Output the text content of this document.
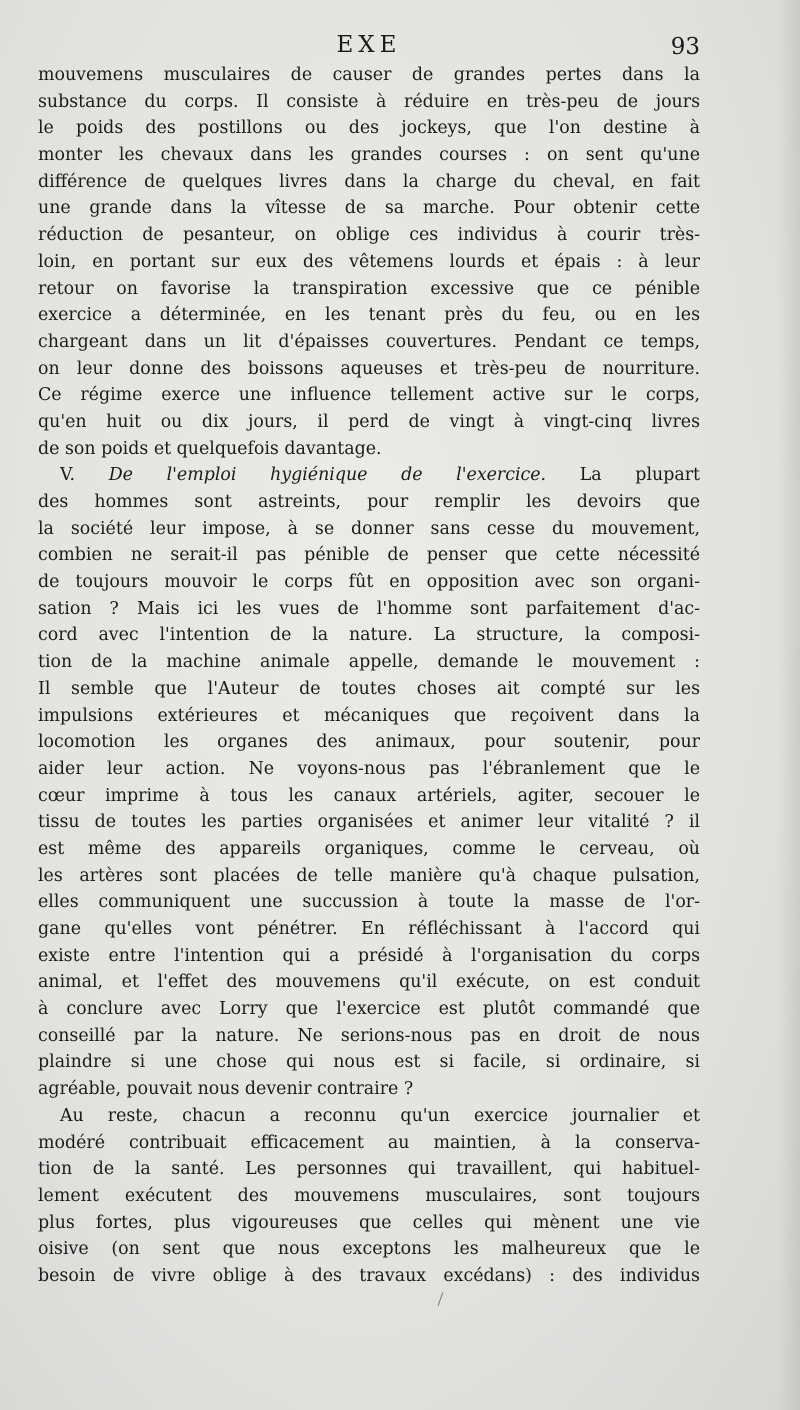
EXE	93
mouvemens musculaires de causer de grandes pertes dans la
substance du corps. Il consiste à réduire en très-peu de jours
le poids des postillons ou des jockeys, que l'on destine à
monter les chevaux dans les grandes courses : on sent qu'une
différence de quelques livres dans la charge du cheval, en fait
une grande dans la vîtesse de sa marche. Pour obtenir cette
réduction de pesanteur, on oblige ces individus à courir très-
loin, en portant sur eux des vêtemens lourds et épais : à leur
retour on favorise la transpiration excessive que ce pénible
exercice a déterminée, en les tenant près du feu, ou en les
chargeant dans un lit d'épaisses couvertures. Pendant ce temps,
on leur donne des boissons aqueuses et très-peu de nourriture.
Ce régime exerce une influence tellement active sur le corps,
qu'en huit ou dix jours, il perd de vingt à vingt-cinq livres
de son poids et quelquefois davantage.
V. De l'emploi hygiénique de l'exercice. La plupart
des hommes sont astreints, pour remplir les devoirs que
la société leur impose, à se donner sans cesse du mouvement,
combien ne serait-il pas pénible de penser que cette nécessité
de toujours mouvoir le corps fût en opposition avec son organi-
sation ? Mais ici les vues de l'homme sont parfaitement d'ac-
cord avec l'intention de la nature. La structure, la composi-
tion de la machine animale appelle, demande le mouvement :
Il semble que l'Auteur de toutes choses ait compté sur les
impulsions extérieures et mécaniques que reçoivent dans la
locomotion les organes des animaux, pour soutenir, pour
aider leur action. Ne voyons-nous pas l'ébranlement que le
cœur imprime à tous les canaux artériels, agiter, secouer le
tissu de toutes les parties organisées et animer leur vitalité ? il
est même des appareils organiques, comme le cerveau, où
les artères sont placées de telle manière qu'à chaque pulsation,
elles communiquent une succussion à toute la masse de l'or-
gane qu'elles vont pénétrer. En réfléchissant à l'accord qui
existe entre l'intention qui a présidé à l'organisation du corps
animal, et l'effet des mouvemens qu'il exécute, on est conduit
à conclure avec Lorry que l'exercice est plutôt commandé que
conseillé par la nature. Ne serions-nous pas en droit de nous
plaindre si une chose qui nous est si facile, si ordinaire, si
agréable, pouvait nous devenir contraire ?
Au reste, chacun a reconnu qu'un exercice journalier et
modéré contribuait efficacement au maintien, à la conserva-
tion de la santé. Les personnes qui travaillent, qui habituel-
lement exécutent des mouvemens musculaires, sont toujours
plus fortes, plus vigoureuses que celles qui mènent une vie
oisive (on sent que nous exceptons les malheureux que le
besoin de vivre oblige à des travaux excédans) : des individus
